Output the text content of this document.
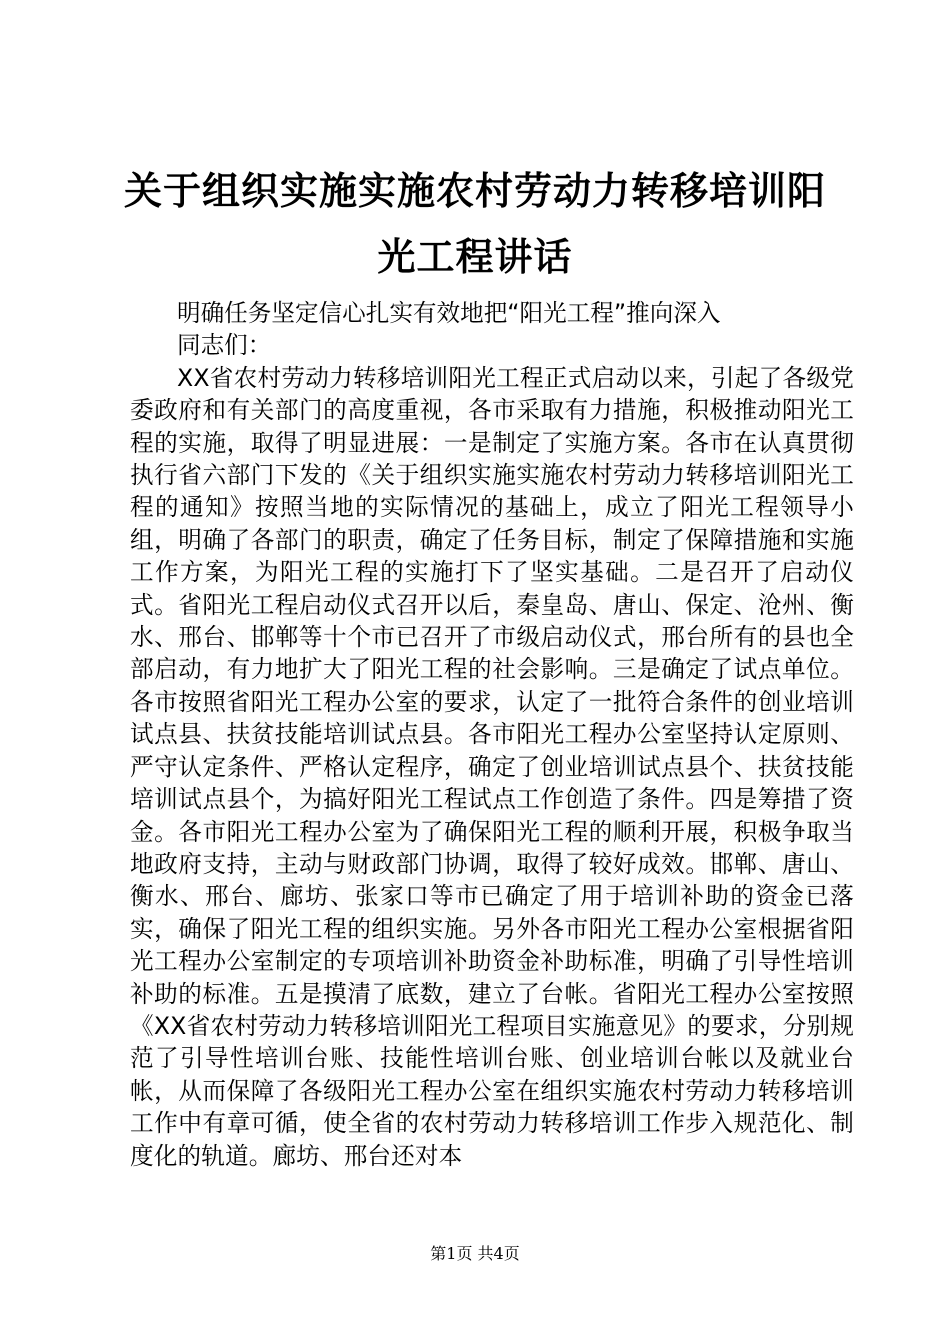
关于组织实施实施农村劳动力转移培训阳光工程讲话

明确任务坚定信心扎实有效地把“阳光工程”推向深入

同志们：

XX省农村劳动力转移培训阳光工程正式启动以来，引起了各级党委政府和有关部门的高度重视，各市采取有力措施，积极推动阳光工程的实施，取得了明显进展：一是制定了实施方案。各市在认真贯彻执行省六部门下发的《关于组织实施实施农村劳动力转移培训阳光工程的通知》按照当地的实际情况的基础上，成立了阳光工程领导小组，明确了各部门的职责，确定了任务目标，制定了保障措施和实施工作方案，为阳光工程的实施打下了坚实基础。二是召开了启动仪式。省阳光工程启动仪式召开以后，秦皇岛、唐山、保定、沧州、衡水、邢台、邯郸等十个市已召开了市级启动仪式，邢台所有的县也全部启动，有力地扩大了阳光工程的社会影响。三是确定了试点单位。各市按照省阳光工程办公室的要求，认定了一批符合条件的创业培训试点县、扶贫技能培训试点县。各市阳光工程办公室坚持认定原则、严守认定条件、严格认定程序，确定了创业培训试点县个、扶贫技能培训试点县个，为搞好阳光工程试点工作创造了条件。四是筹措了资金。各市阳光工程办公室为了确保阳光工程的顺利开展，积极争取当地政府支持，主动与财政部门协调，取得了较好成效。邯郸、唐山、衡水、邢台、廊坊、张家口等市已确定了用于培训补助的资金已落实，确保了阳光工程的组织实施。另外各市阳光工程办公室根据省阳光工程办公室制定的专项培训补助资金补助标准，明确了引导性培训补助的标准。五是摸清了底数，建立了台帐。省阳光工程办公室按照《XX省农村劳动力转移培训阳光工程项目实施意见》的要求，分别规范了引导性培训台账、技能性培训台账、创业培训台帐以及就业台帐，从而保障了各级阳光工程办公室在组织实施农村劳动力转移培训工作中有章可循，使全省的农村劳动力转移培训工作步入规范化、制度化的轨道。廊坊、邢台还对本

第1页 共4页
